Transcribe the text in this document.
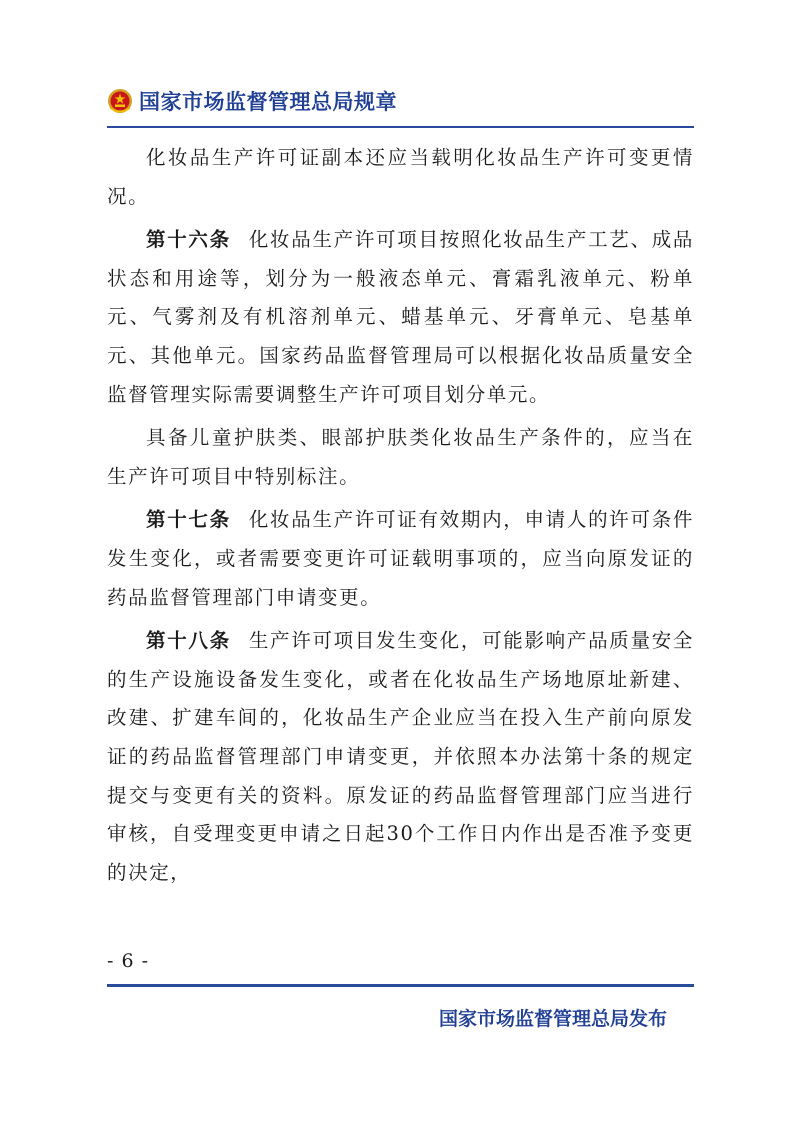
国家市场监督管理总局规章

化妆品生产许可证副本还应当载明化妆品生产许可变更情况。

第十六条 化妆品生产许可项目按照化妆品生产工艺、成品状态和用途等，划分为一般液态单元、膏霜乳液单元、粉单元、气雾剂及有机溶剂单元、蜡基单元、牙膏单元、皂基单元、其他单元。国家药品监督管理局可以根据化妆品质量安全监督管理实际需要调整生产许可项目划分单元。

具备儿童护肤类、眼部护肤类化妆品生产条件的，应当在生产许可项目中特别标注。

第十七条 化妆品生产许可证有效期内，申请人的许可条件发生变化，或者需要变更许可证载明事项的，应当向原发证的药品监督管理部门申请变更。

第十八条 生产许可项目发生变化，可能影响产品质量安全的生产设施设备发生变化，或者在化妆品生产场地原址新建、改建、扩建车间的，化妆品生产企业应当在投入生产前向原发证的药品监督管理部门申请变更，并依照本办法第十条的规定提交与变更有关的资料。原发证的药品监督管理部门应当进行审核，自受理变更申请之日起30个工作日内作出是否准予变更的决定，

- 6 -
国家市场监督管理总局发布
